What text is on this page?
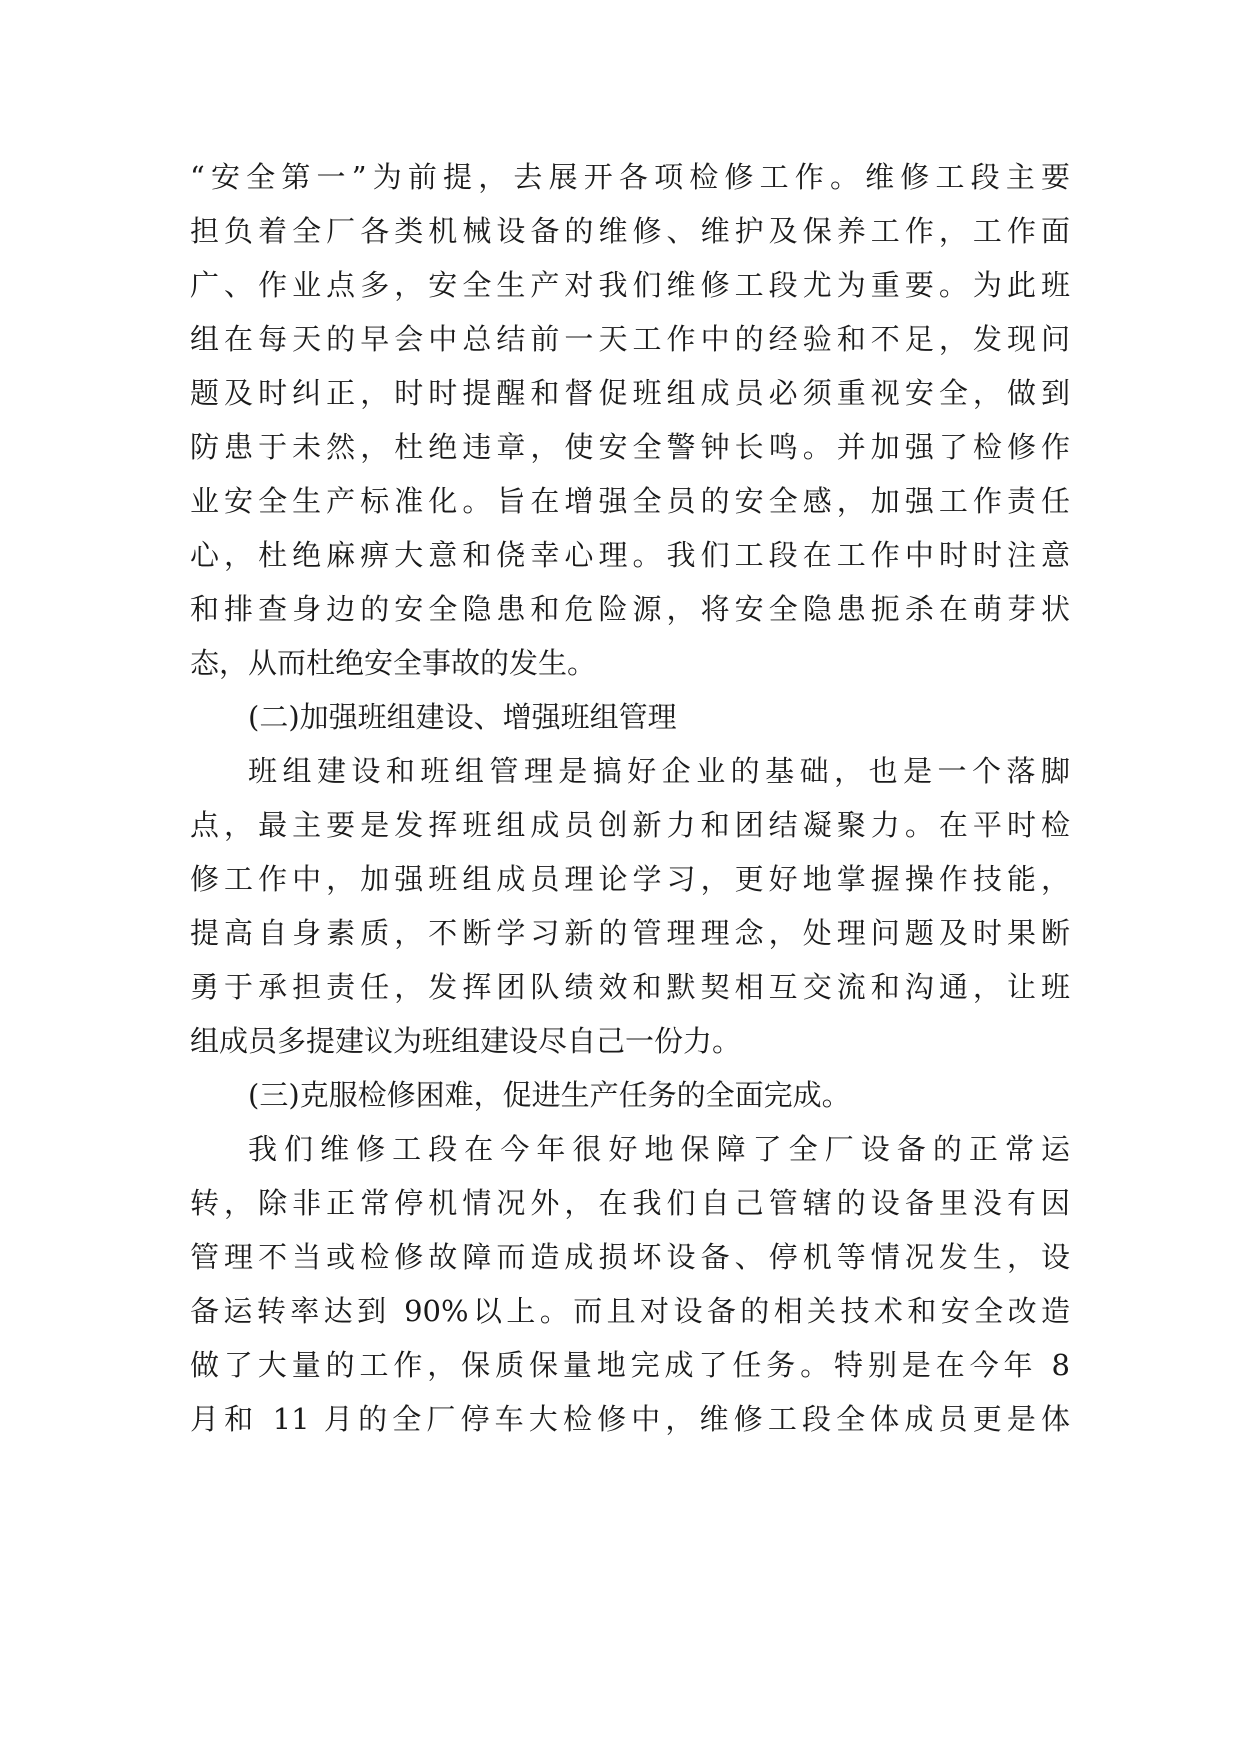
“安全第一”为前提，去展开各项检修工作。维修工段主要
担负着全厂各类机械设备的维修、维护及保养工作，工作面
广、作业点多，安全生产对我们维修工段尤为重要。为此班
组在每天的早会中总结前一天工作中的经验和不足，发现问
题及时纠正，时时提醒和督促班组成员必须重视安全，做到
防患于未然，杜绝违章，使安全警钟长鸣。并加强了检修作
业安全生产标准化。旨在增强全员的安全感，加强工作责任
心，杜绝麻痹大意和侥幸心理。我们工段在工作中时时注意
和排查身边的安全隐患和危险源，将安全隐患扼杀在萌芽状
态，从而杜绝安全事故的发生。
(二)加强班组建设、增强班组管理
班组建设和班组管理是搞好企业的基础，也是一个落脚
点，最主要是发挥班组成员创新力和团结凝聚力。在平时检
修工作中，加强班组成员理论学习，更好地掌握操作技能，
提高自身素质，不断学习新的管理理念，处理问题及时果断
勇于承担责任，发挥团队绩效和默契相互交流和沟通，让班
组成员多提建议为班组建设尽自己一份力。
(三)克服检修困难，促进生产任务的全面完成。
我们维修工段在今年很好地保障了全厂设备的正常运
转，除非正常停机情况外，在我们自己管辖的设备里没有因
管理不当或检修故障而造成损坏设备、停机等情况发生，设
备运转率达到 90%以上。而且对设备的相关技术和安全改造
做了大量的工作，保质保量地完成了任务。特别是在今年 8
月和 11 月的全厂停车大检修中，维修工段全体成员更是体
